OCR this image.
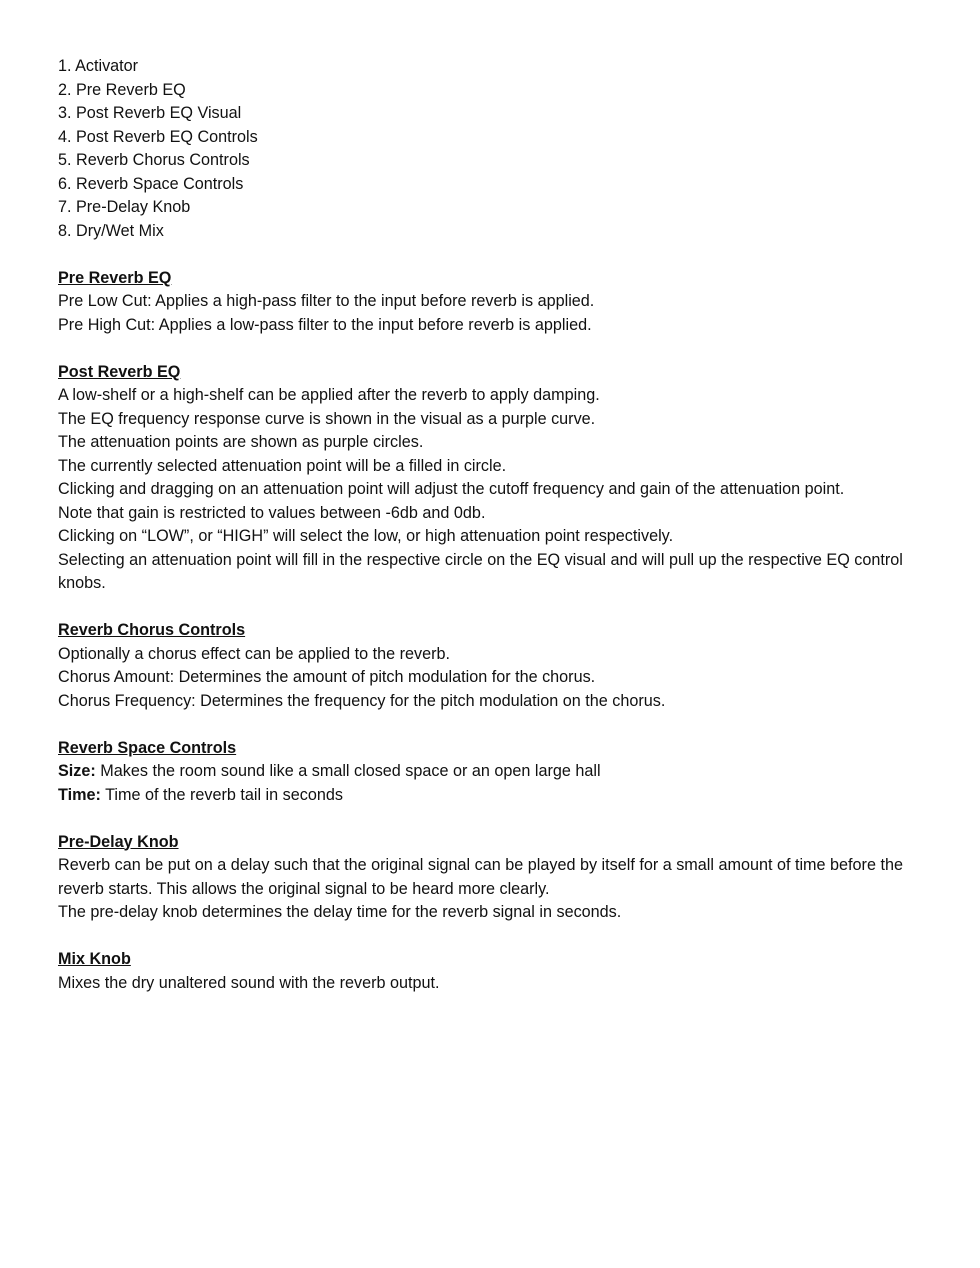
1. Activator
2. Pre Reverb EQ
3. Post Reverb EQ Visual
4. Post Reverb EQ Controls
5. Reverb Chorus Controls
6. Reverb Space Controls
7. Pre-Delay Knob
8. Dry/Wet Mix
Pre Reverb EQ
Pre Low Cut: Applies a high-pass filter to the input before reverb is applied.
Pre High Cut: Applies a low-pass filter to the input before reverb is applied.
Post Reverb EQ
A low-shelf or a high-shelf can be applied after the reverb to apply damping.
The EQ frequency response curve is shown in the visual as a purple curve.
The attenuation points are shown as purple circles.
The currently selected attenuation point will be a filled in circle.
Clicking and dragging on an attenuation point will adjust the cutoff frequency and gain of the attenuation point.
Note that gain is restricted to values between -6db and 0db.
Clicking on “LOW”, or “HIGH” will select the low, or high attenuation point respectively.
Selecting an attenuation point will fill in the respective circle on the EQ visual and will pull up the respective EQ control knobs.
Reverb Chorus Controls
Optionally a chorus effect can be applied to the reverb.
Chorus Amount: Determines the amount of pitch modulation for the chorus.
Chorus Frequency: Determines the frequency for the pitch modulation on the chorus.
Reverb Space Controls
Size: Makes the room sound like a small closed space or an open large hall
Time: Time of the reverb tail in seconds
Pre-Delay Knob
Reverb can be put on a delay such that the original signal can be played by itself for a small amount of time before the reverb starts. This allows the original signal to be heard more clearly.
The pre-delay knob determines the delay time for the reverb signal in seconds.
Mix Knob
Mixes the dry unaltered sound with the reverb output.
